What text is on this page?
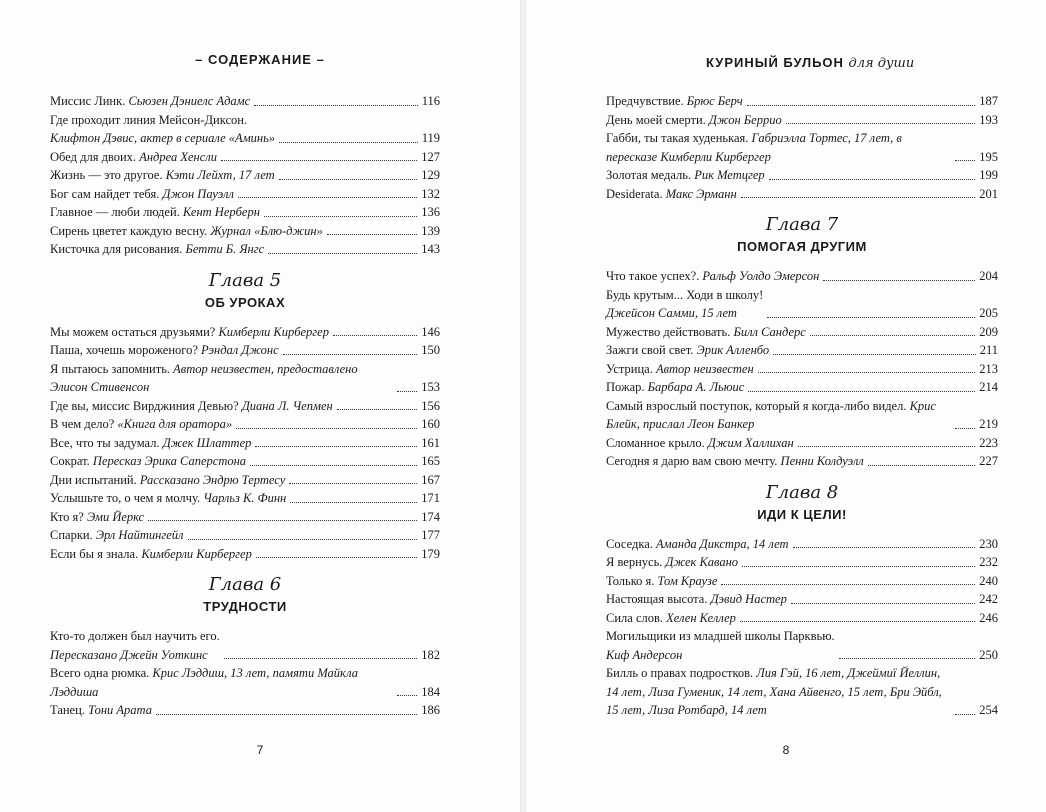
– СОДЕРЖАНИЕ –
Миссис Линк. Сьюзен Дэниелс Адамс	116
Где проходит линия Мейсон-Диксон.
Клифтон Дэвис, актер в сериале «Аминь»	119
Обед для двоих. Андреа Хенсли	127
Жизнь — это другое. Кэти Лейхт, 17 лет	129
Бог сам найдет тебя. Джон Пауэлл	132
Главное — люби людей. Кент Нерберн	136
Сирень цветет каждую весну. Журнал «Блю-джин»	139
Кисточка для рисования. Бетти Б. Янгс	143
Глава 5
ОБ УРОКАХ
Мы можем остаться друзьями? Кимберли Кирбергер	146
Паша, хочешь мороженого? Рэндал Джонс	150
Я пытаюсь запомнить. Автор неизвестен, предоставлено Элисон Стивенсон	153
Где вы, миссис Вирджиния Девью? Диана Л. Чепмен	156
В чем дело? «Книга для оратора»	160
Все, что ты задумал. Джек Шлаттер	161
Сократ. Пересказ Эрика Саперстона	165
Дни испытаний. Рассказано Эндрю Тертесу	167
Услышьте то, о чем я молчу. Чарльз К. Финн	171
Кто я? Эми Йеркс	174
Спарки. Эрл Найтингейл	177
Если бы я знала. Кимберли Кирбергер	179
Глава 6
ТРУДНОСТИ
Кто-то должен был научить его.
Пересказано Джейн Уоткинс	182
Всего одна рюмка. Крис Лэддиш, 13 лет, памяти Майкла Лэддиша	184
Танец. Тони Арата	186
7
КУРИНЫЙ БУЛЬОН для души
Предчувствие. Брюс Берч	187
День моей смерти. Джон Беррио	193
Габби, ты такая худенькая. Габриэлла Тортес, 17 лет, в пересказе Кимберли Кирбергер	195
Золотая медаль. Рик Метцгер	199
Desiderata. Макс Эрманн	201
Глава 7
ПОМОГАЯ ДРУГИМ
Что такое успех?. Ральф Уолдо Эмерсон	204
Будь крутым... Ходи в школу!
Джейсон Самми, 15 лет	205
Мужество действовать. Билл Сандерс	209
Зажги свой свет. Эрик Алленбо	211
Устрица. Автор неизвестен	213
Пожар. Барбара А. Льюис	214
Самый взрослый поступок, который я когда-либо видел. Крис Блейк, прислал Леон Банкер	219
Сломанное крыло. Джим Халлихан	223
Сегодня я дарю вам свою мечту. Пенни Колдуэлл	227
Глава 8
ИДИ К ЦЕЛИ!
Соседка. Аманда Дикстра, 14 лет	230
Я вернусь. Джек Кавано	232
Только я. Том Краузе	240
Настоящая высота. Дэвид Настер	242
Сила слов. Хелен Келлер	246
Могильщики из младшей школы Парквью.
Киф Андерсон	250
Билль о правах подростков. Лия Гэй, 16 лет, Джеймиї Йеллин, 14 лет, Лиза Гуменик, 14 лет, Хана Айвенго, 15 лет, Бри Эйбл, 15 лет, Лиза Ротбард, 14 лет	254
8
